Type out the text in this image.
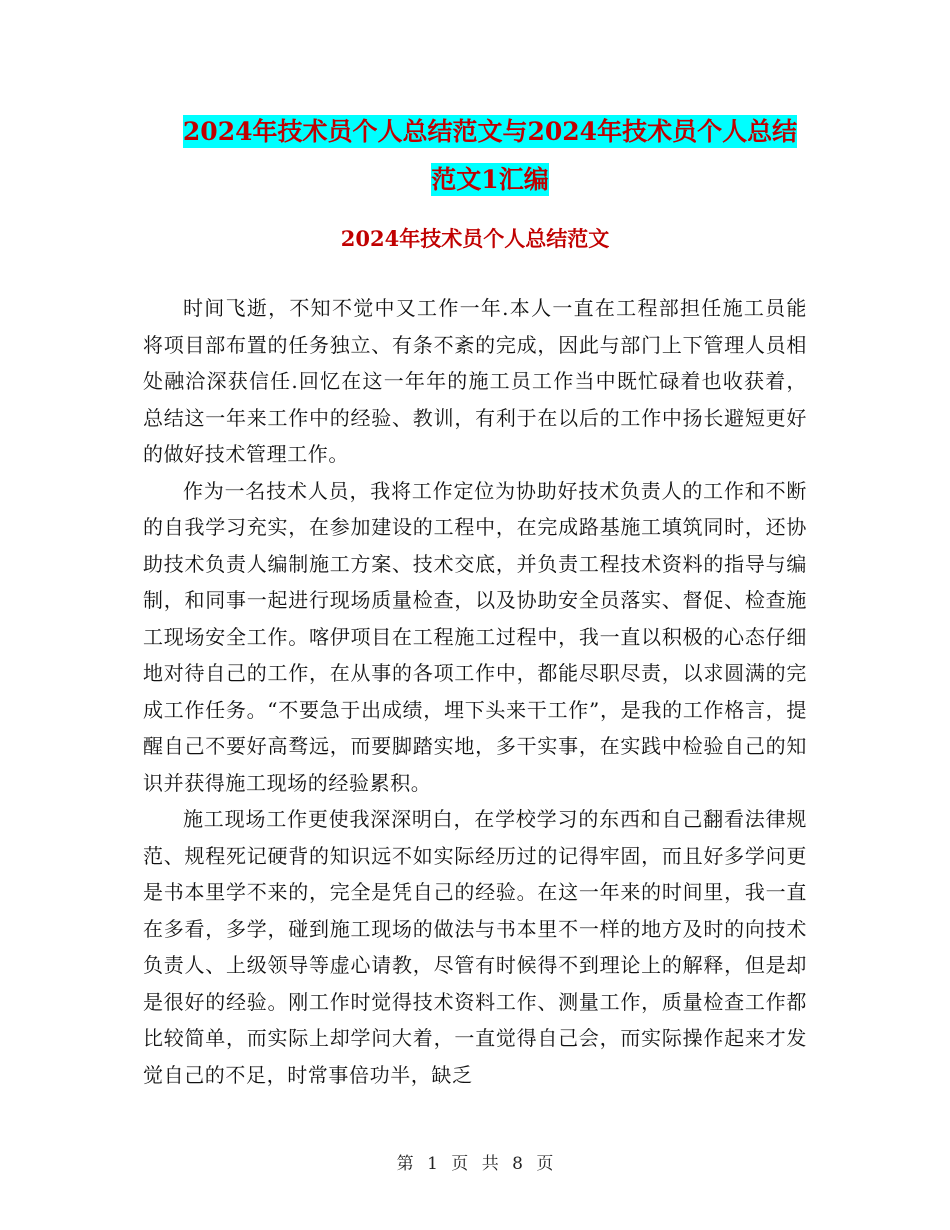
2024年技术员个人总结范文与2024年技术员个人总结
范文1汇编
2024年技术员个人总结范文

时间飞逝，不知不觉中又工作一年.本人一直在工程部担任施工员能将项目部布置的任务独立、有条不紊的完成，因此与部门上下管理人员相处融洽深获信任.回忆在这一年年的施工员工作当中既忙碌着也收获着， 总结这一年来工作中的经验、教训，有利于在以后的工作中扬长避短更好的做好技术管理工作。

作为一名技术人员，我将工作定位为协助好技术负责人的工作和不断的自我学习充实，在参加建设的工程中，在完成路基施工填筑同时，还协助技术负责人编制施工方案、技术交底，并负责工程技术资料的指导与编制，和同事一起进行现场质量检查，以及协助安全员落实、督促、检查施工现场安全工作。喀伊项目在工程施工过程中，我一直以积极的心态仔细地对待自己的工作，在从事的各项工作中，都能尽职尽责，以求圆满的完成工作任务。“不要急于出成绩，埋下头来干工作”，是我的工作格言，提醒自己不要好高骛远，而要脚踏实地，多干实事，在实践中检验自己的知识并获得施工现场的经验累积。

施工现场工作更使我深深明白，在学校学习的东西和自己翻看法律规范、规程死记硬背的知识远不如实际经历过的记得牢固，而且好多学问更是书本里学不来的，完全是凭自己的经验。在这一年来的时间里，我一直在多看，多学，碰到施工现场的做法与书本里不一样的地方及时的向技术负责人、上级领导等虚心请教，尽管有时候得不到理论上的解释，但是却是很好的经验。刚工作时觉得技术资料工作、测量工作，质量检查工作都比较简单，而实际上却学问大着，一直觉得自己会，而实际操作起来才发觉自己的不足，时常事倍功半，缺乏

第 1 页 共 8 页
